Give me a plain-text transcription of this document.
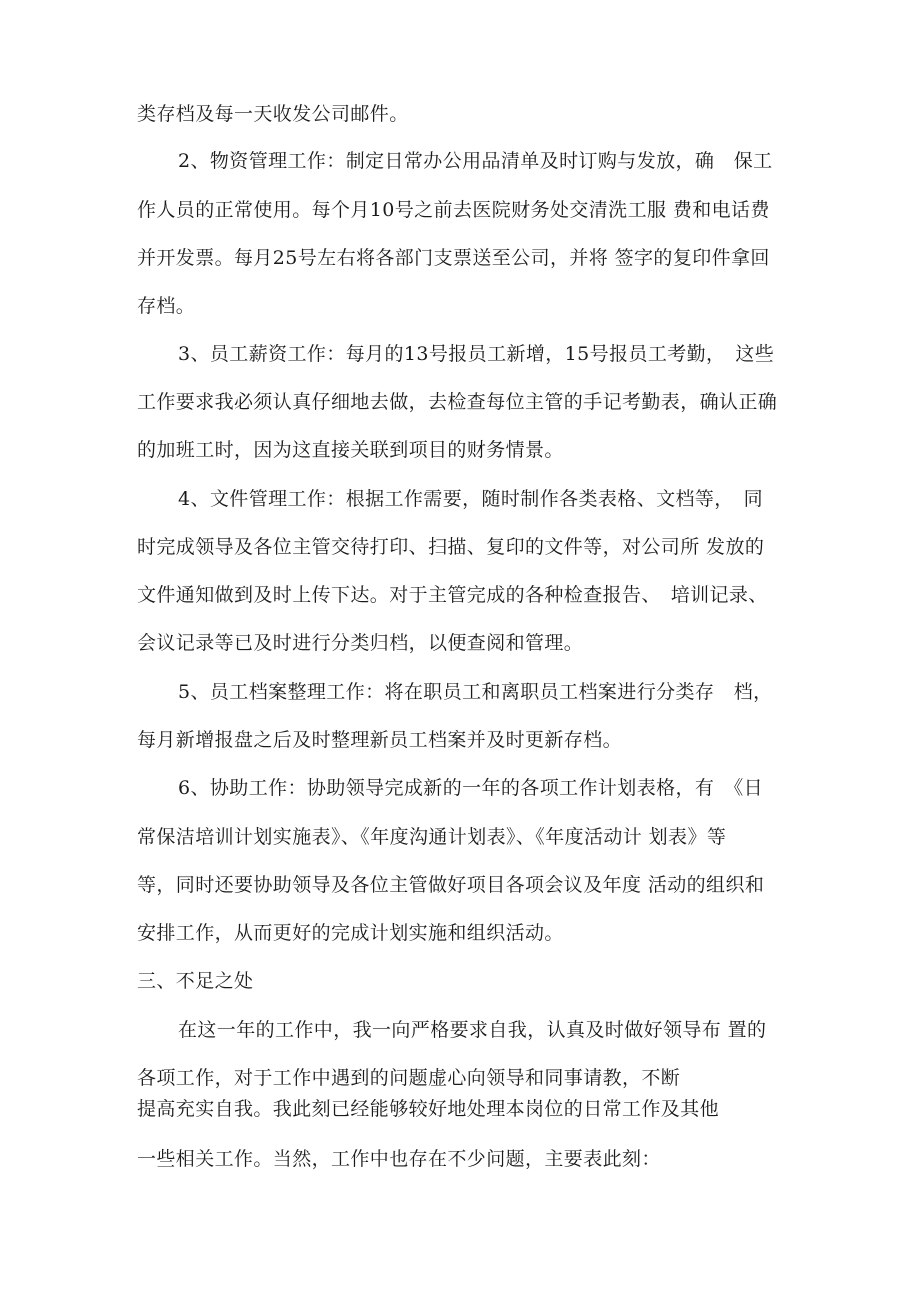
类存档及每一天收发公司邮件。
2、物资管理工作：制定日常办公用品清单及时订购与发放，确　保工
作人员的正常使用。每个月10号之前去医院财务处交清洗工服 费和电话费
并开发票。每月25号左右将各部门支票送至公司，并将 签字的复印件拿回
存档。
3、员工薪资工作：每月的13号报员工新增，15号报员工考勤，　这些
工作要求我必须认真仔细地去做，去检查每位主管的手记考勤表，确认正确
的加班工时，因为这直接关联到项目的财务情景。
4、文件管理工作：根据工作需要，随时制作各类表格、文档等，　同
时完成领导及各位主管交待打印、扫描、复印的文件等，对公司所 发放的
文件通知做到及时上传下达。对于主管完成的各种检查报告、　培训记录、
会议记录等已及时进行分类归档，以便查阅和管理。
5、员工档案整理工作：将在职员工和离职员工档案进行分类存　档，
每月新增报盘之后及时整理新员工档案并及时更新存档。
6、协助工作：协助领导完成新的一年的各项工作计划表格，有　《日
常保洁培训计划实施表》、《年度沟通计划表》、《年度活动计 划表》等
等，同时还要协助领导及各位主管做好项目各项会议及年度 活动的组织和
安排工作，从而更好的完成计划实施和组织活动。
三、不足之处
在这一年的工作中，我一向严格要求自我，认真及时做好领导布 置的
各项工作，对于工作中遇到的问题虚心向领导和同事请教，不断
提高充实自我。我此刻已经能够较好地处理本岗位的日常工作及其他
一些相关工作。当然，工作中也存在不少问题，主要表此刻：
